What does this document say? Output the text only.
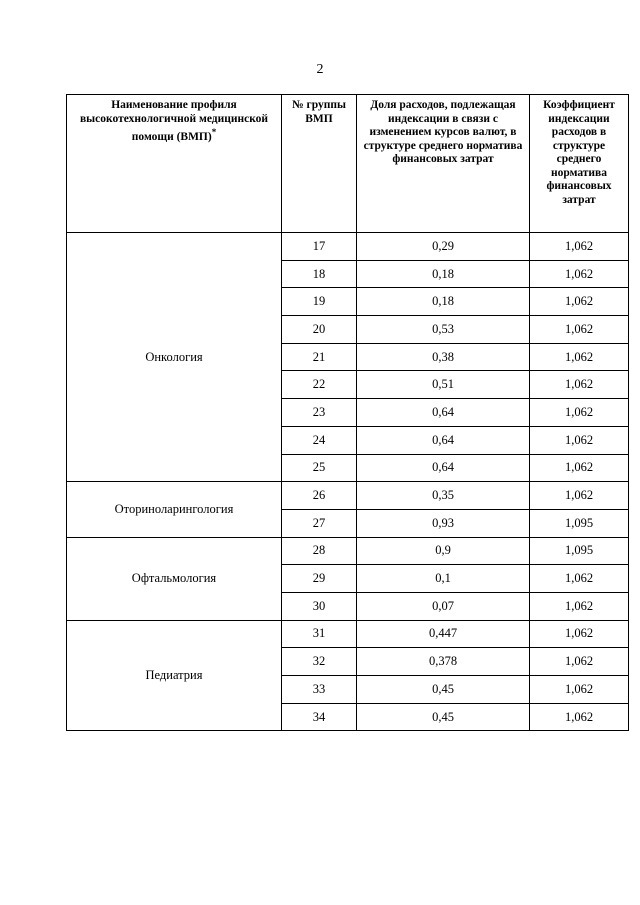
2
Наименование профиля высокотехнологичной медицинской помощи (ВМП)*	№ группы ВМП	Доля расходов, подлежащая индексации в связи с изменением курсов валют, в структуре среднего норматива финансовых затрат	Коэффициент индексации расходов в структуре среднего норматива финансовых затрат
Онкология	17	0,29	1,062
	18	0,18	1,062
	19	0,18	1,062
	20	0,53	1,062
	21	0,38	1,062
	22	0,51	1,062
	23	0,64	1,062
	24	0,64	1,062
	25	0,64	1,062
Оториноларингология	26	0,35	1,062
	27	0,93	1,095
Офтальмология	28	0,9	1,095
	29	0,1	1,062
	30	0,07	1,062
Педиатрия	31	0,447	1,062
	32	0,378	1,062
	33	0,45	1,062
	34	0,45	1,062
